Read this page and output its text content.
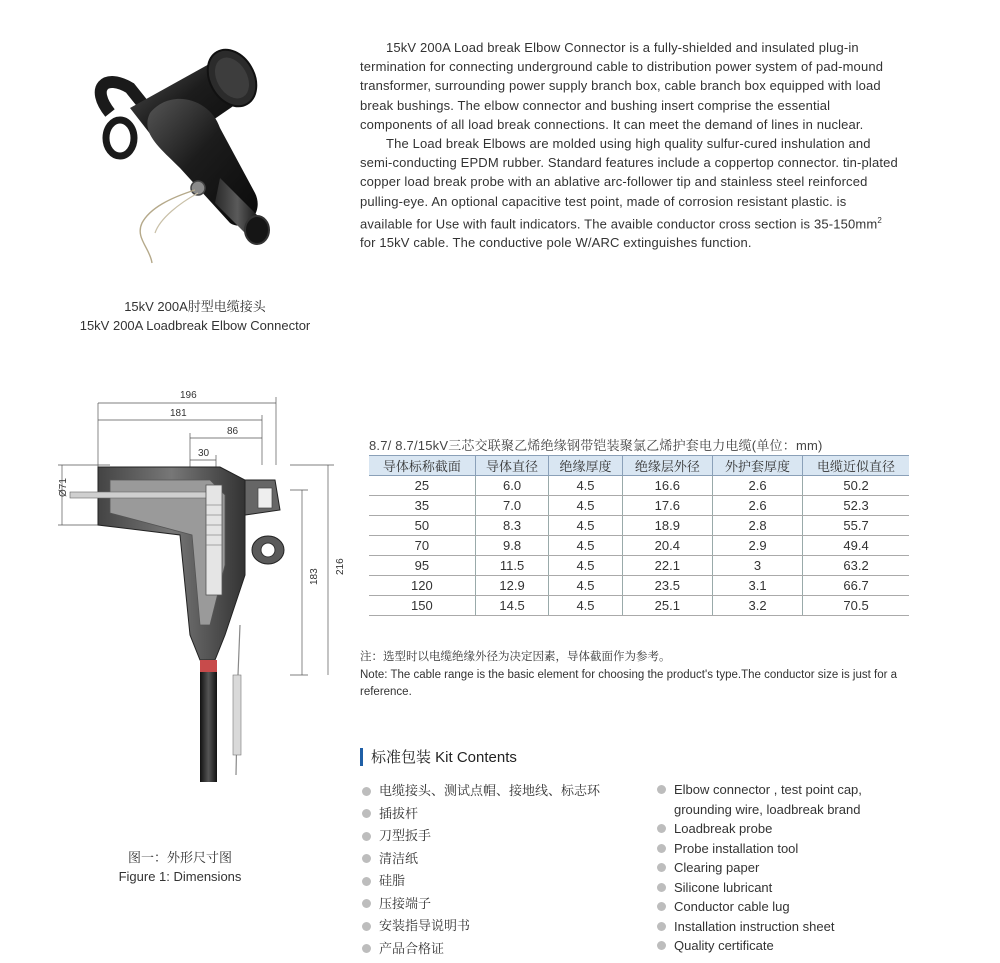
15kV 200A肘型电缆接头
15kV 200A Loadbreak Elbow Connector

15kV 200A Load break Elbow Connector is a fully-shielded and insulated plug-in termination for connecting underground cable to distribution power system of pad-mound transformer, surrounding power supply branch box, cable branch box equipped with load break bushings. The elbow connector and bushing insert comprise the essential components of all load break connections. It can meet the demand of lines in nuclear.

The Load break Elbows are molded using high quality sulfur-cured inshulation and semi-conducting EPDM rubber. Standard features include a coppertop connector. tin-plated copper load break probe with an ablative arc-follower tip and stainless steel reinforced pulling-eye. An optional capacitive test point, made of corrosion resistant plastic. is available for Use with fault indicators. The avaible conductor cross section is $35-150mm^2$ for 15kV cable. The conductive pole W/ARC extinguishes function.

196
181
86
30
Ø71
183
216
图一：外形尺寸图
Figure 1: Dimensions
8.7/ 8.7/15kV三芯交联聚乙烯绝缘钢带铠装聚氯乙烯护套电力电缆(单位：mm)
导体标称截面	导体直径	绝缘厚度	绝缘层外径	外护套厚度	电缆近似直径
25	6.0	4.5	16.6	2.6	50.2
35	7.0	4.5	17.6	2.6	52.3
50	8.3	4.5	18.9	2.8	55.7
70	9.8	4.5	20.4	2.9	49.4
95	11.5	4.5	22.1	3	63.2
120	12.9	4.5	23.5	3.1	66.7
150	14.5	4.5	25.1	3.2	70.5
注：选型时以电缆绝缘外径为决定因素，导体截面作为参考。
Note: The cable range is the basic element for choosing the product's type.The conductor size is just for a reference.
标准包装 Kit Contents
电缆接头、测试点帽、接地线、标志环
插拔杆
刀型扳手
清洁纸
硅脂
压接端子
安装指导说明书
产品合格证
Elbow connector , test point cap, grounding wire, loadbreak brand
Loadbreak probe
Probe installation tool
Clearing paper
Silicone lubricant
Conductor cable lug
Installation instruction sheet
Quality certificate
